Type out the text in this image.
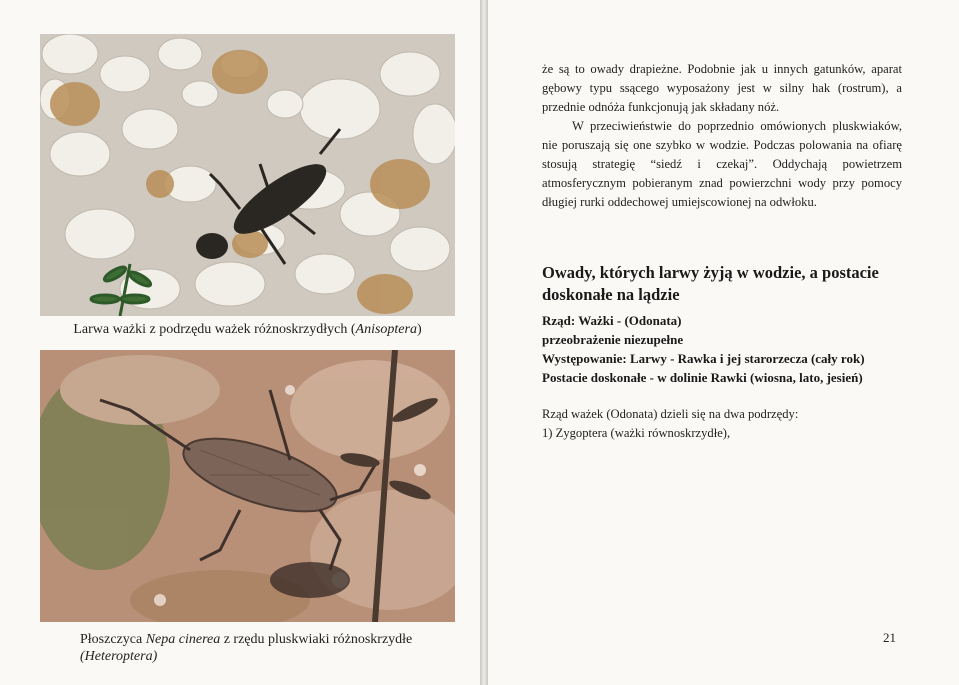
Larwa ważki z podrzędu ważek różnoskrzydłych (Anisoptera)
Płoszczyca Nepa cinerea z rzędu pluskwiaki różnoskrzydłe
(Heteroptera)
że są to owady drapieżne. Podobnie jak u innych gatunków, aparat gębowy typu ssącego wyposażony jest w silny hak (rostrum), a przednie odnóża funkcjonują jak składany nóż.
W przeciwieństwie do poprzednio omówionych pluskwiaków, nie poruszają się one szybko w wodzie. Podczas polowania na ofiarę stosują strategię “siedź i czekaj”. Oddychają powietrzem atmosferycznym pobieranym znad powierzchni wody przy pomocy długiej rurki oddechowej umiejscowionej na odwłoku.
Owady, których larwy żyją w wodzie, a postacie doskonałe na lądzie
Rząd: Ważki - (Odonata)
przeobrażenie niezupełne
Występowanie: Larwy - Rawka i jej starorzecza (cały rok)
Postacie doskonałe - w dolinie Rawki (wiosna, lato, jesień)
Rząd ważek (Odonata) dzieli się na dwa podrzędy:
1) Zygoptera (ważki równoskrzydłe),
21
